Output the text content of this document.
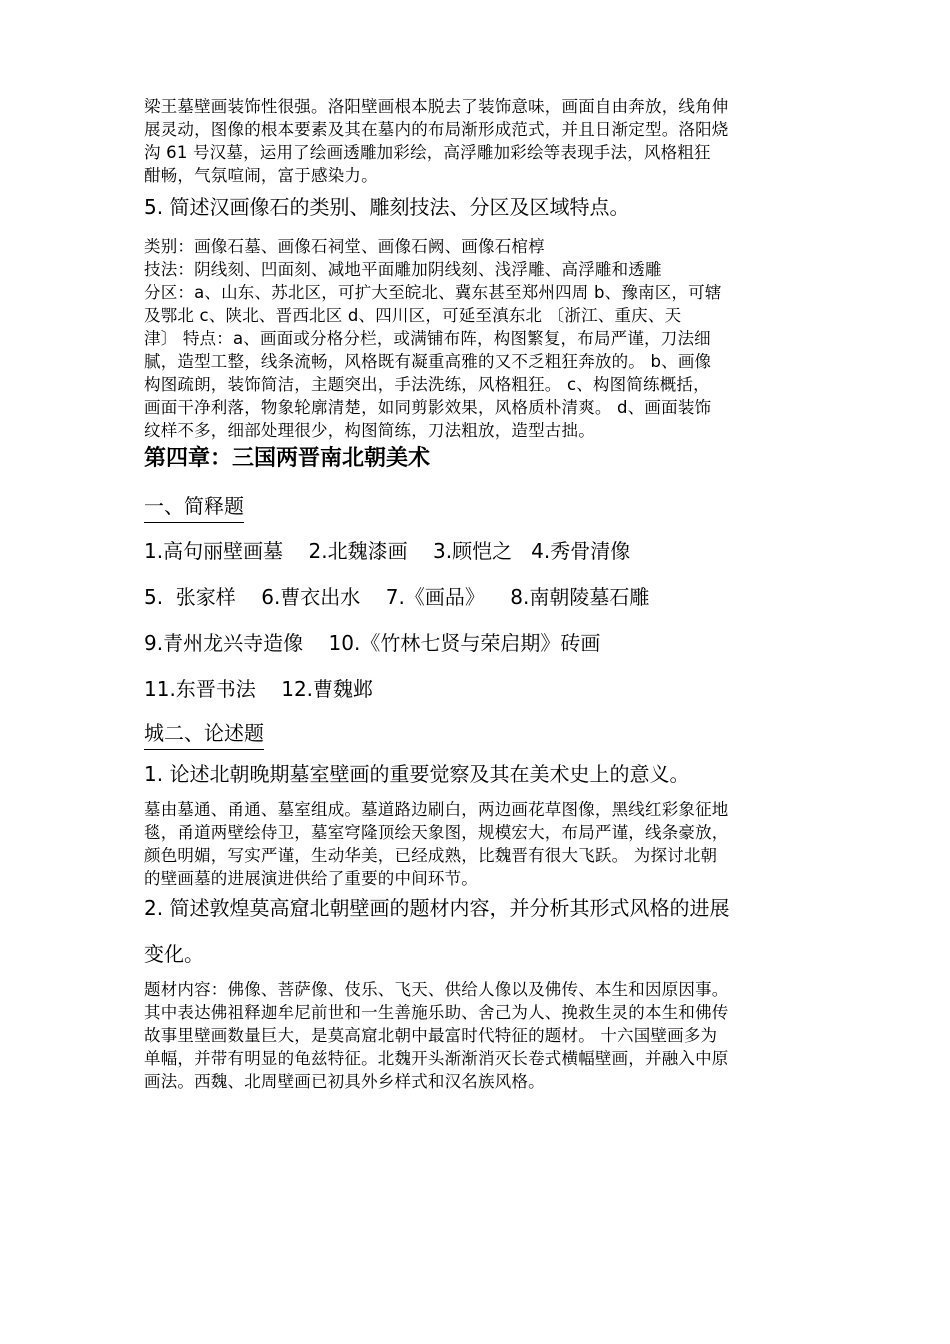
梁王墓壁画装饰性很强。洛阳壁画根本脱去了装饰意味，画面自由奔放，线角伸

展灵动，图像的根本要素及其在墓内的布局渐形成范式，并且日渐定型。洛阳烧

沟 61 号汉墓，运用了绘画透雕加彩绘，高浮雕加彩绘等表现手法，风格粗狂

酣畅，气氛喧闹，富于感染力。

5. 简述汉画像石的类别、雕刻技法、分区及区域特点。

类别：画像石墓、画像石祠堂、画像石阙、画像石棺椁

技法：阴线刻、凹面刻、减地平面雕加阴线刻、浅浮雕、高浮雕和透雕

分区：a、山东、苏北区，可扩大至皖北、冀东甚至郑州四周 b、豫南区，可辖

及鄂北 c、陕北、晋西北区 d、四川区，可延至滇东北 〔浙江、重庆、天

津〕 特点：a、画面或分格分栏，或满铺布阵，构图繁复，布局严谨，刀法细

腻，造型工整，线条流畅，风格既有凝重高雅的又不乏粗狂奔放的。 b、画像

构图疏朗，装饰简洁，主题突出，手法洗练，风格粗狂。 c、构图简练概括，

画面干净利落，物象轮廓清楚，如同剪影效果，风格质朴清爽。 d、画面装饰

纹样不多，细部处理很少，构图简练，刀法粗放，造型古拙。

第四章：三国两晋南北朝美术

一、简释题

1.高句丽壁画墓    2.北魏漆画    3.顾恺之   4.秀骨清像

5.  张家样    6.曹衣出水    7.《画品》    8.南朝陵墓石雕

9.青州龙兴寺造像    10.《竹林七贤与荣启期》砖画

11.东晋书法    12.曹魏邺

城二、论述题

1. 论述北朝晚期墓室壁画的重要觉察及其在美术史上的意义。

墓由墓通、甬通、墓室组成。墓道路边刷白，两边画花草图像，黑线红彩象征地

毯，甬道两壁绘侍卫，墓室穹隆顶绘天象图，规模宏大，布局严谨，线条豪放，

颜色明媚，写实严谨，生动华美，已经成熟，比魏晋有很大飞跃。 为探讨北朝

的壁画墓的进展演进供给了重要的中间环节。

2. 简述敦煌莫高窟北朝壁画的题材内容，并分析其形式风格的进展

变化。

题材内容：佛像、菩萨像、伎乐、飞天、供给人像以及佛传、本生和因原因事。

其中表达佛祖释迦牟尼前世和一生善施乐助、舍己为人、挽救生灵的本生和佛传

故事里壁画数量巨大，是莫高窟北朝中最富时代特征的题材。 十六国壁画多为

单幅，并带有明显的龟兹特征。北魏开头渐渐消灭长卷式横幅壁画，并融入中原

画法。西魏、北周壁画已初具外乡样式和汉名族风格。
